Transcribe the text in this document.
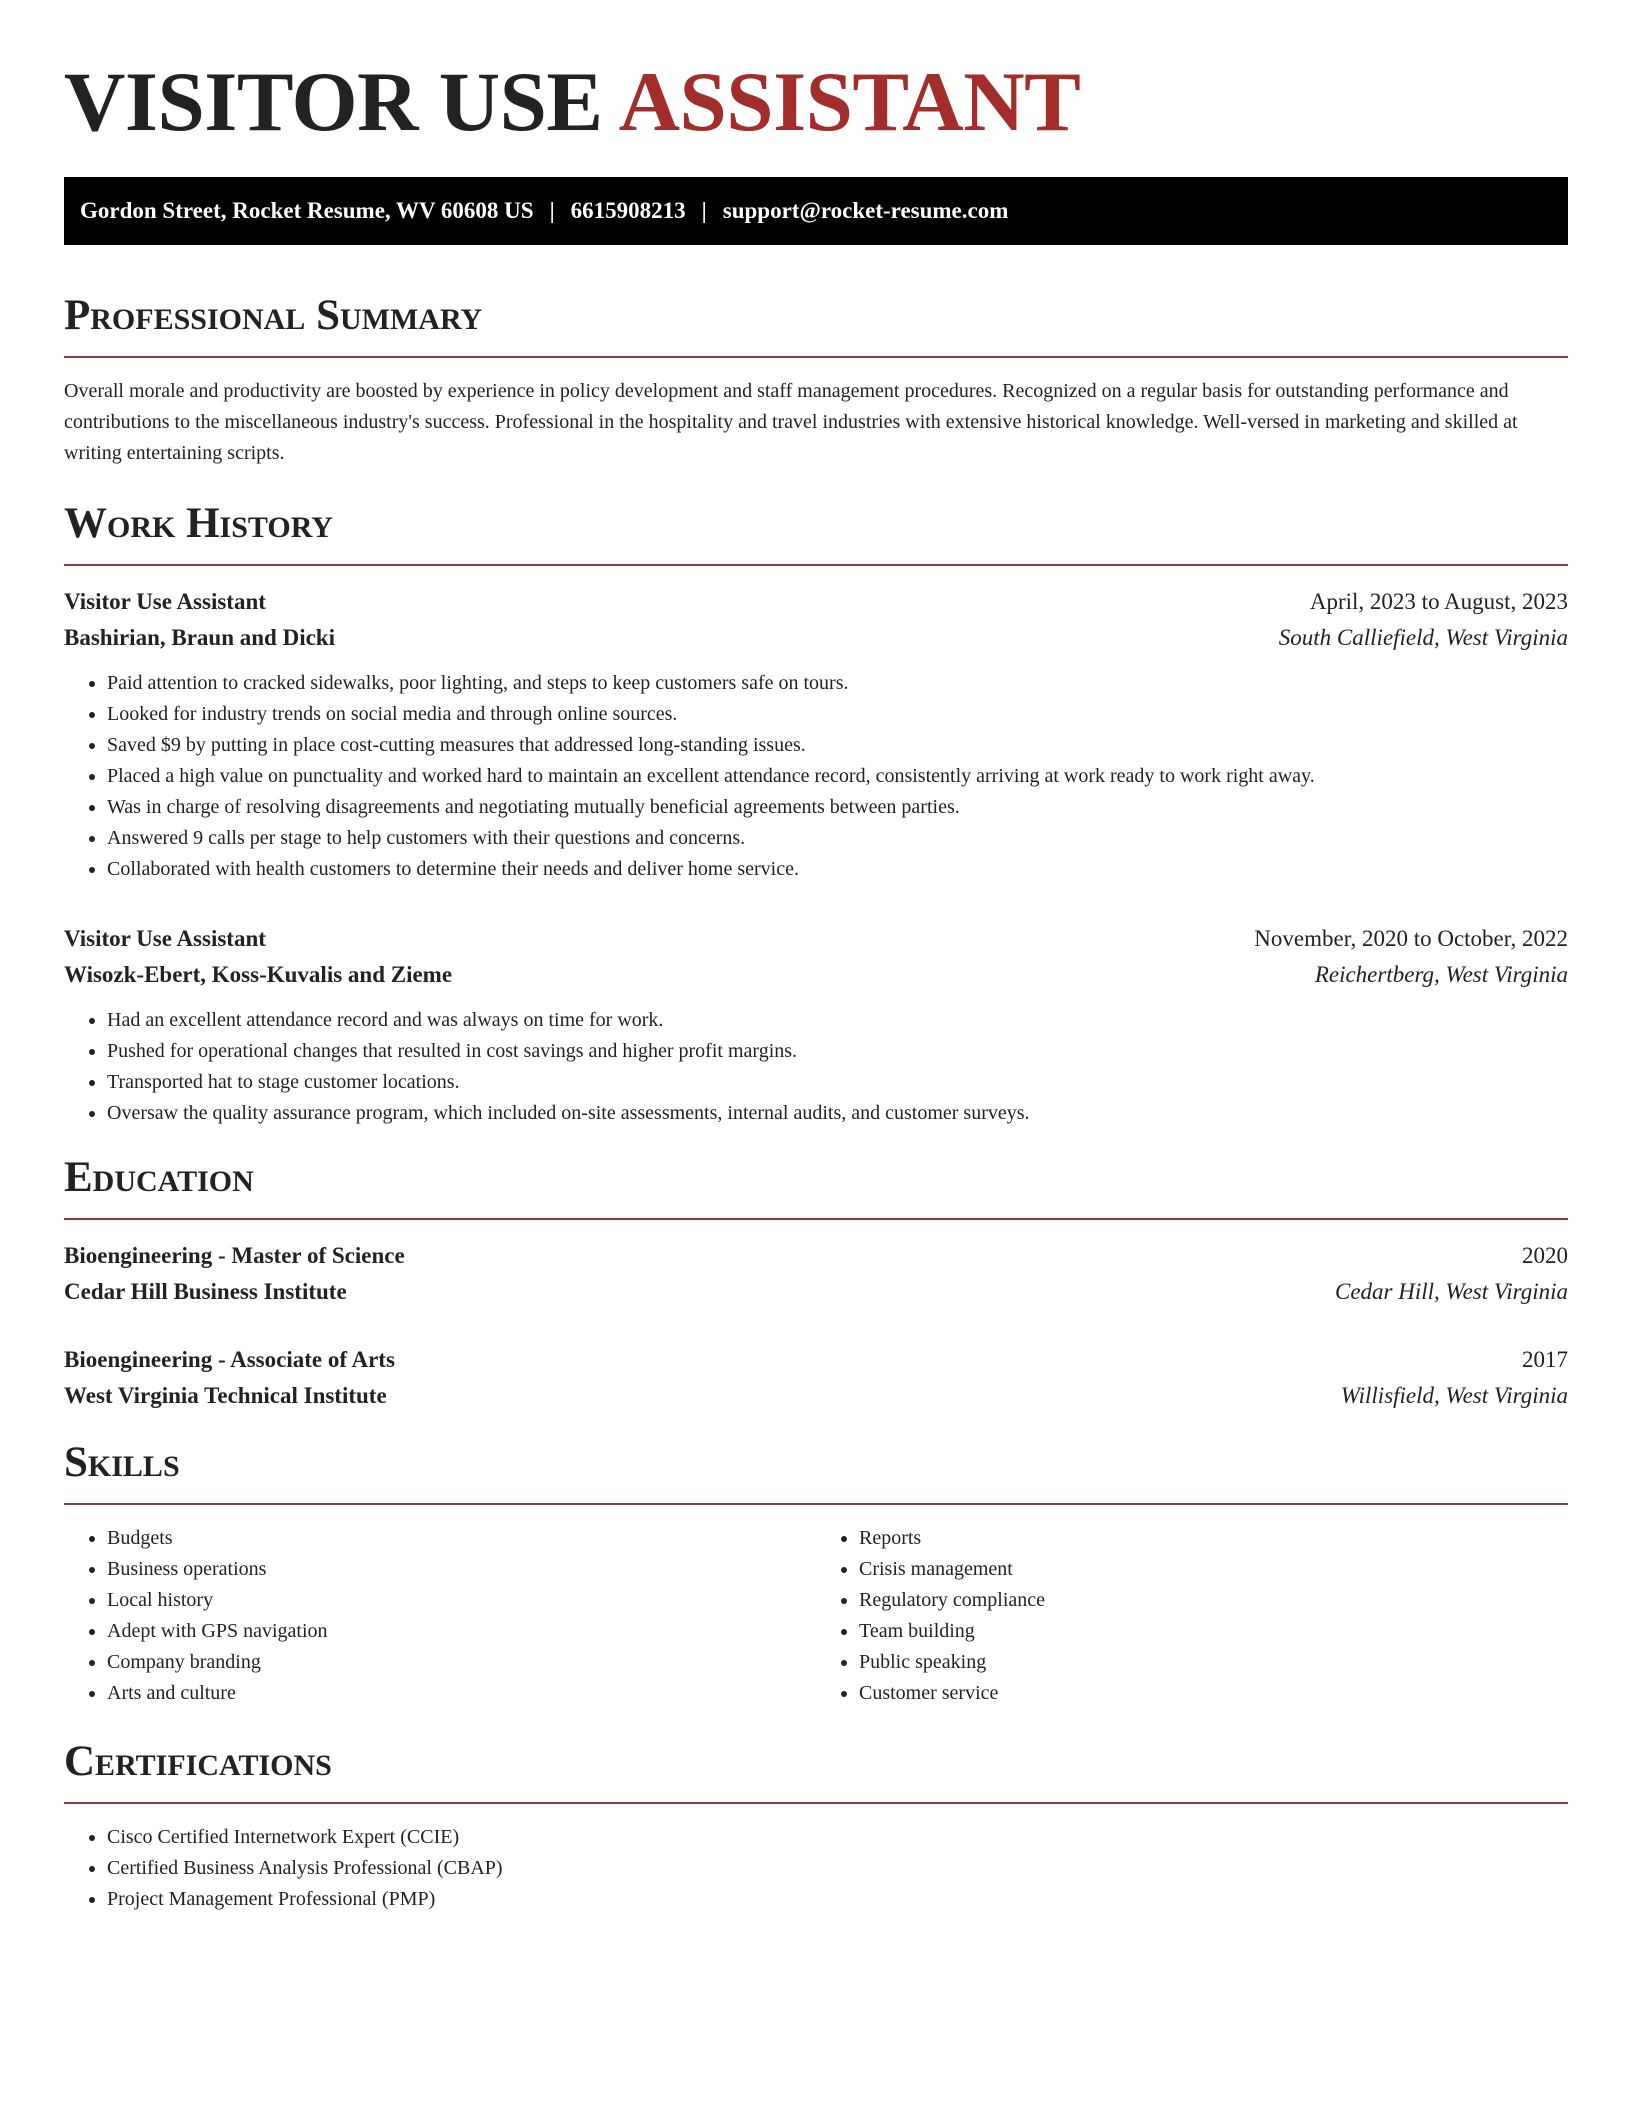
VISITOR USE ASSISTANT
Gordon Street, Rocket Resume, WV 60608 US | 6615908213 | support@rocket-resume.com
Professional Summary

Overall morale and productivity are boosted by experience in policy development and staff management procedures. Recognized on a regular basis for outstanding performance and contributions to the miscellaneous industry's success. Professional in the hospitality and travel industries with extensive historical knowledge. Well-versed in marketing and skilled at writing entertaining scripts.

Work History
Visitor Use Assistant	April, 2023 to August, 2023
Bashirian, Braun and Dicki	South Calliefield, West Virginia
• Paid attention to cracked sidewalks, poor lighting, and steps to keep customers safe on tours.
• Looked for industry trends on social media and through online sources.
• Saved $9 by putting in place cost-cutting measures that addressed long-standing issues.
• Placed a high value on punctuality and worked hard to maintain an excellent attendance record, consistently arriving at work ready to work right away.
• Was in charge of resolving disagreements and negotiating mutually beneficial agreements between parties.
• Answered 9 calls per stage to help customers with their questions and concerns.
• Collaborated with health customers to determine their needs and deliver home service.
Visitor Use Assistant	November, 2020 to October, 2022
Wisozk-Ebert, Koss-Kuvalis and Zieme	Reichertberg, West Virginia
• Had an excellent attendance record and was always on time for work.
• Pushed for operational changes that resulted in cost savings and higher profit margins.
• Transported hat to stage customer locations.
• Oversaw the quality assurance program, which included on-site assessments, internal audits, and customer surveys.
Education
Bioengineering - Master of Science	2020
Cedar Hill Business Institute	Cedar Hill, West Virginia
Bioengineering - Associate of Arts	2017
West Virginia Technical Institute	Willisfield, West Virginia
Skills
• Budgets
• Business operations
• Local history
• Adept with GPS navigation
• Company branding
• Arts and culture
• Reports
• Crisis management
• Regulatory compliance
• Team building
• Public speaking
• Customer service
Certifications
• Cisco Certified Internetwork Expert (CCIE)
• Certified Business Analysis Professional (CBAP)
• Project Management Professional (PMP)
